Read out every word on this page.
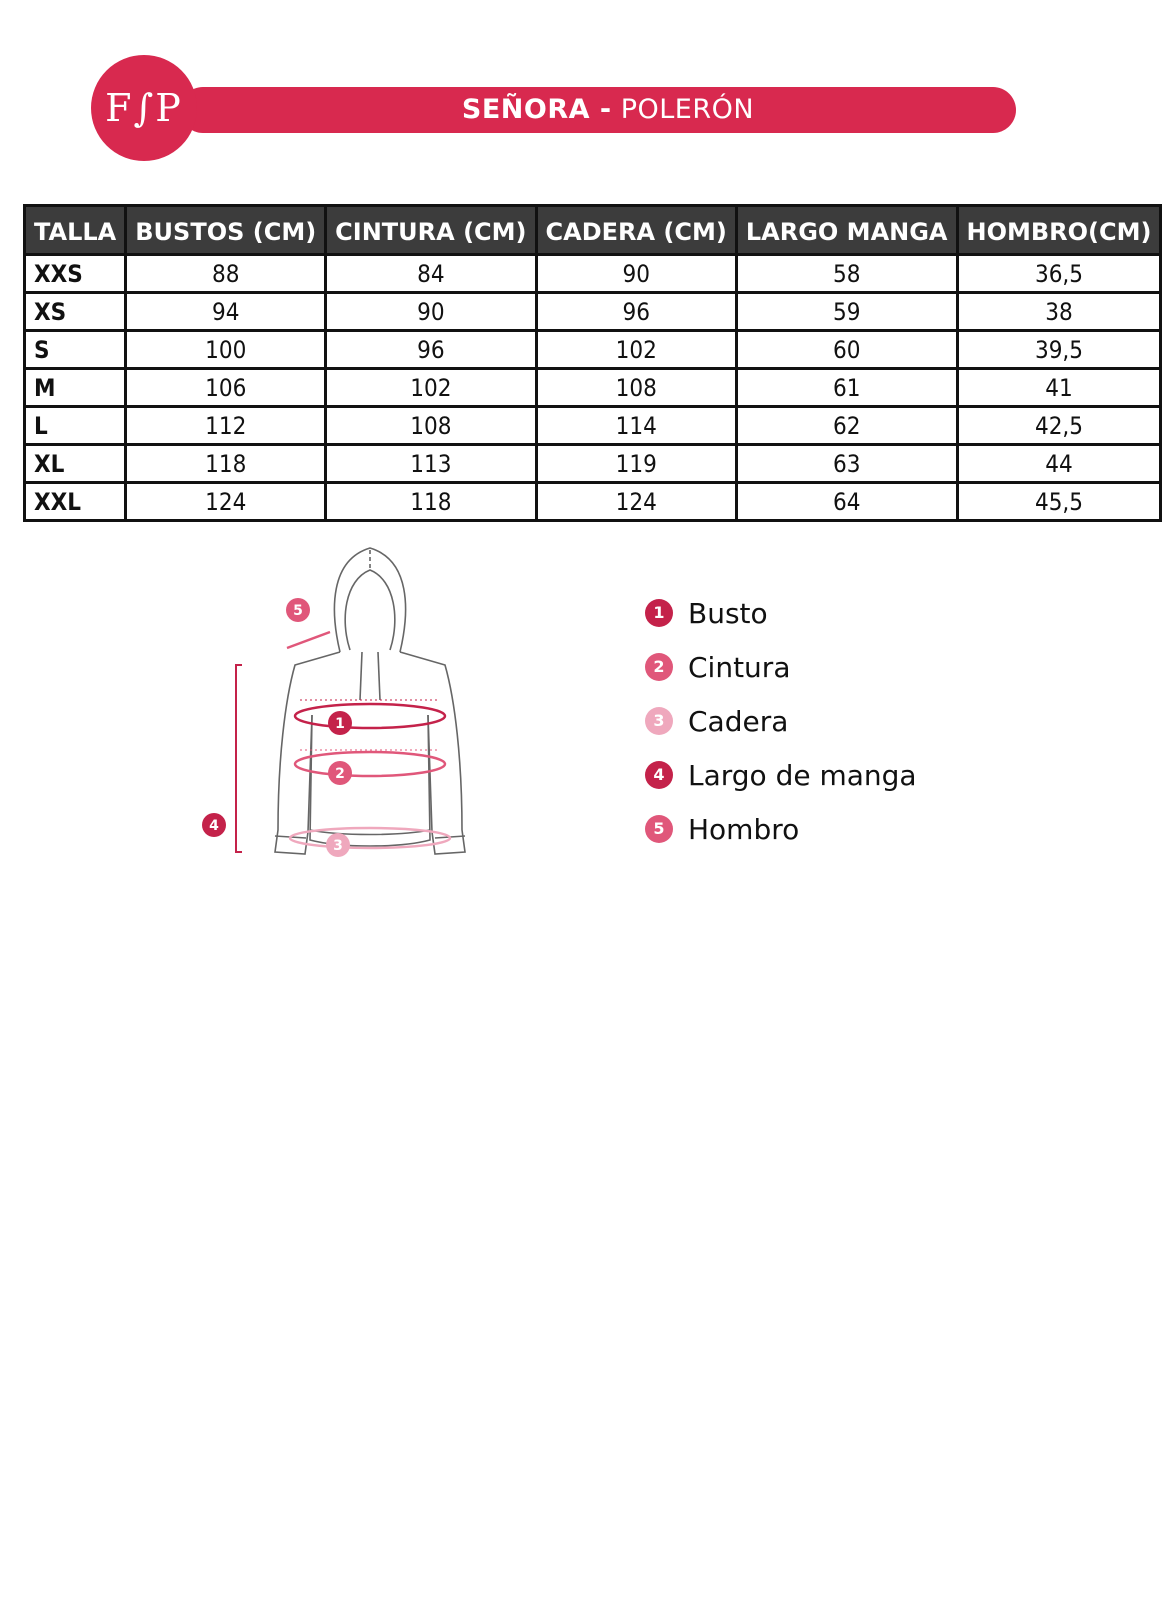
SEÑORA - POLERÓN
F∫P
TALLA	BUSTOS (CM)	CINTURA (CM)	CADERA (CM)	LARGO MANGA	HOMBRO(CM)
XXS	88	84	90	58	36,5
XS	94	90	96	59	38
S	100	96	102	60	39,5
M	106	102	108	61	41
L	112	108	114	62	42,5
XL	118	113	119	63	44
XXL	124	118	124	64	45,5
5
1
2
3
4
1 Busto
2 Cintura
3 Cadera
4 Largo de manga
5 Hombro
